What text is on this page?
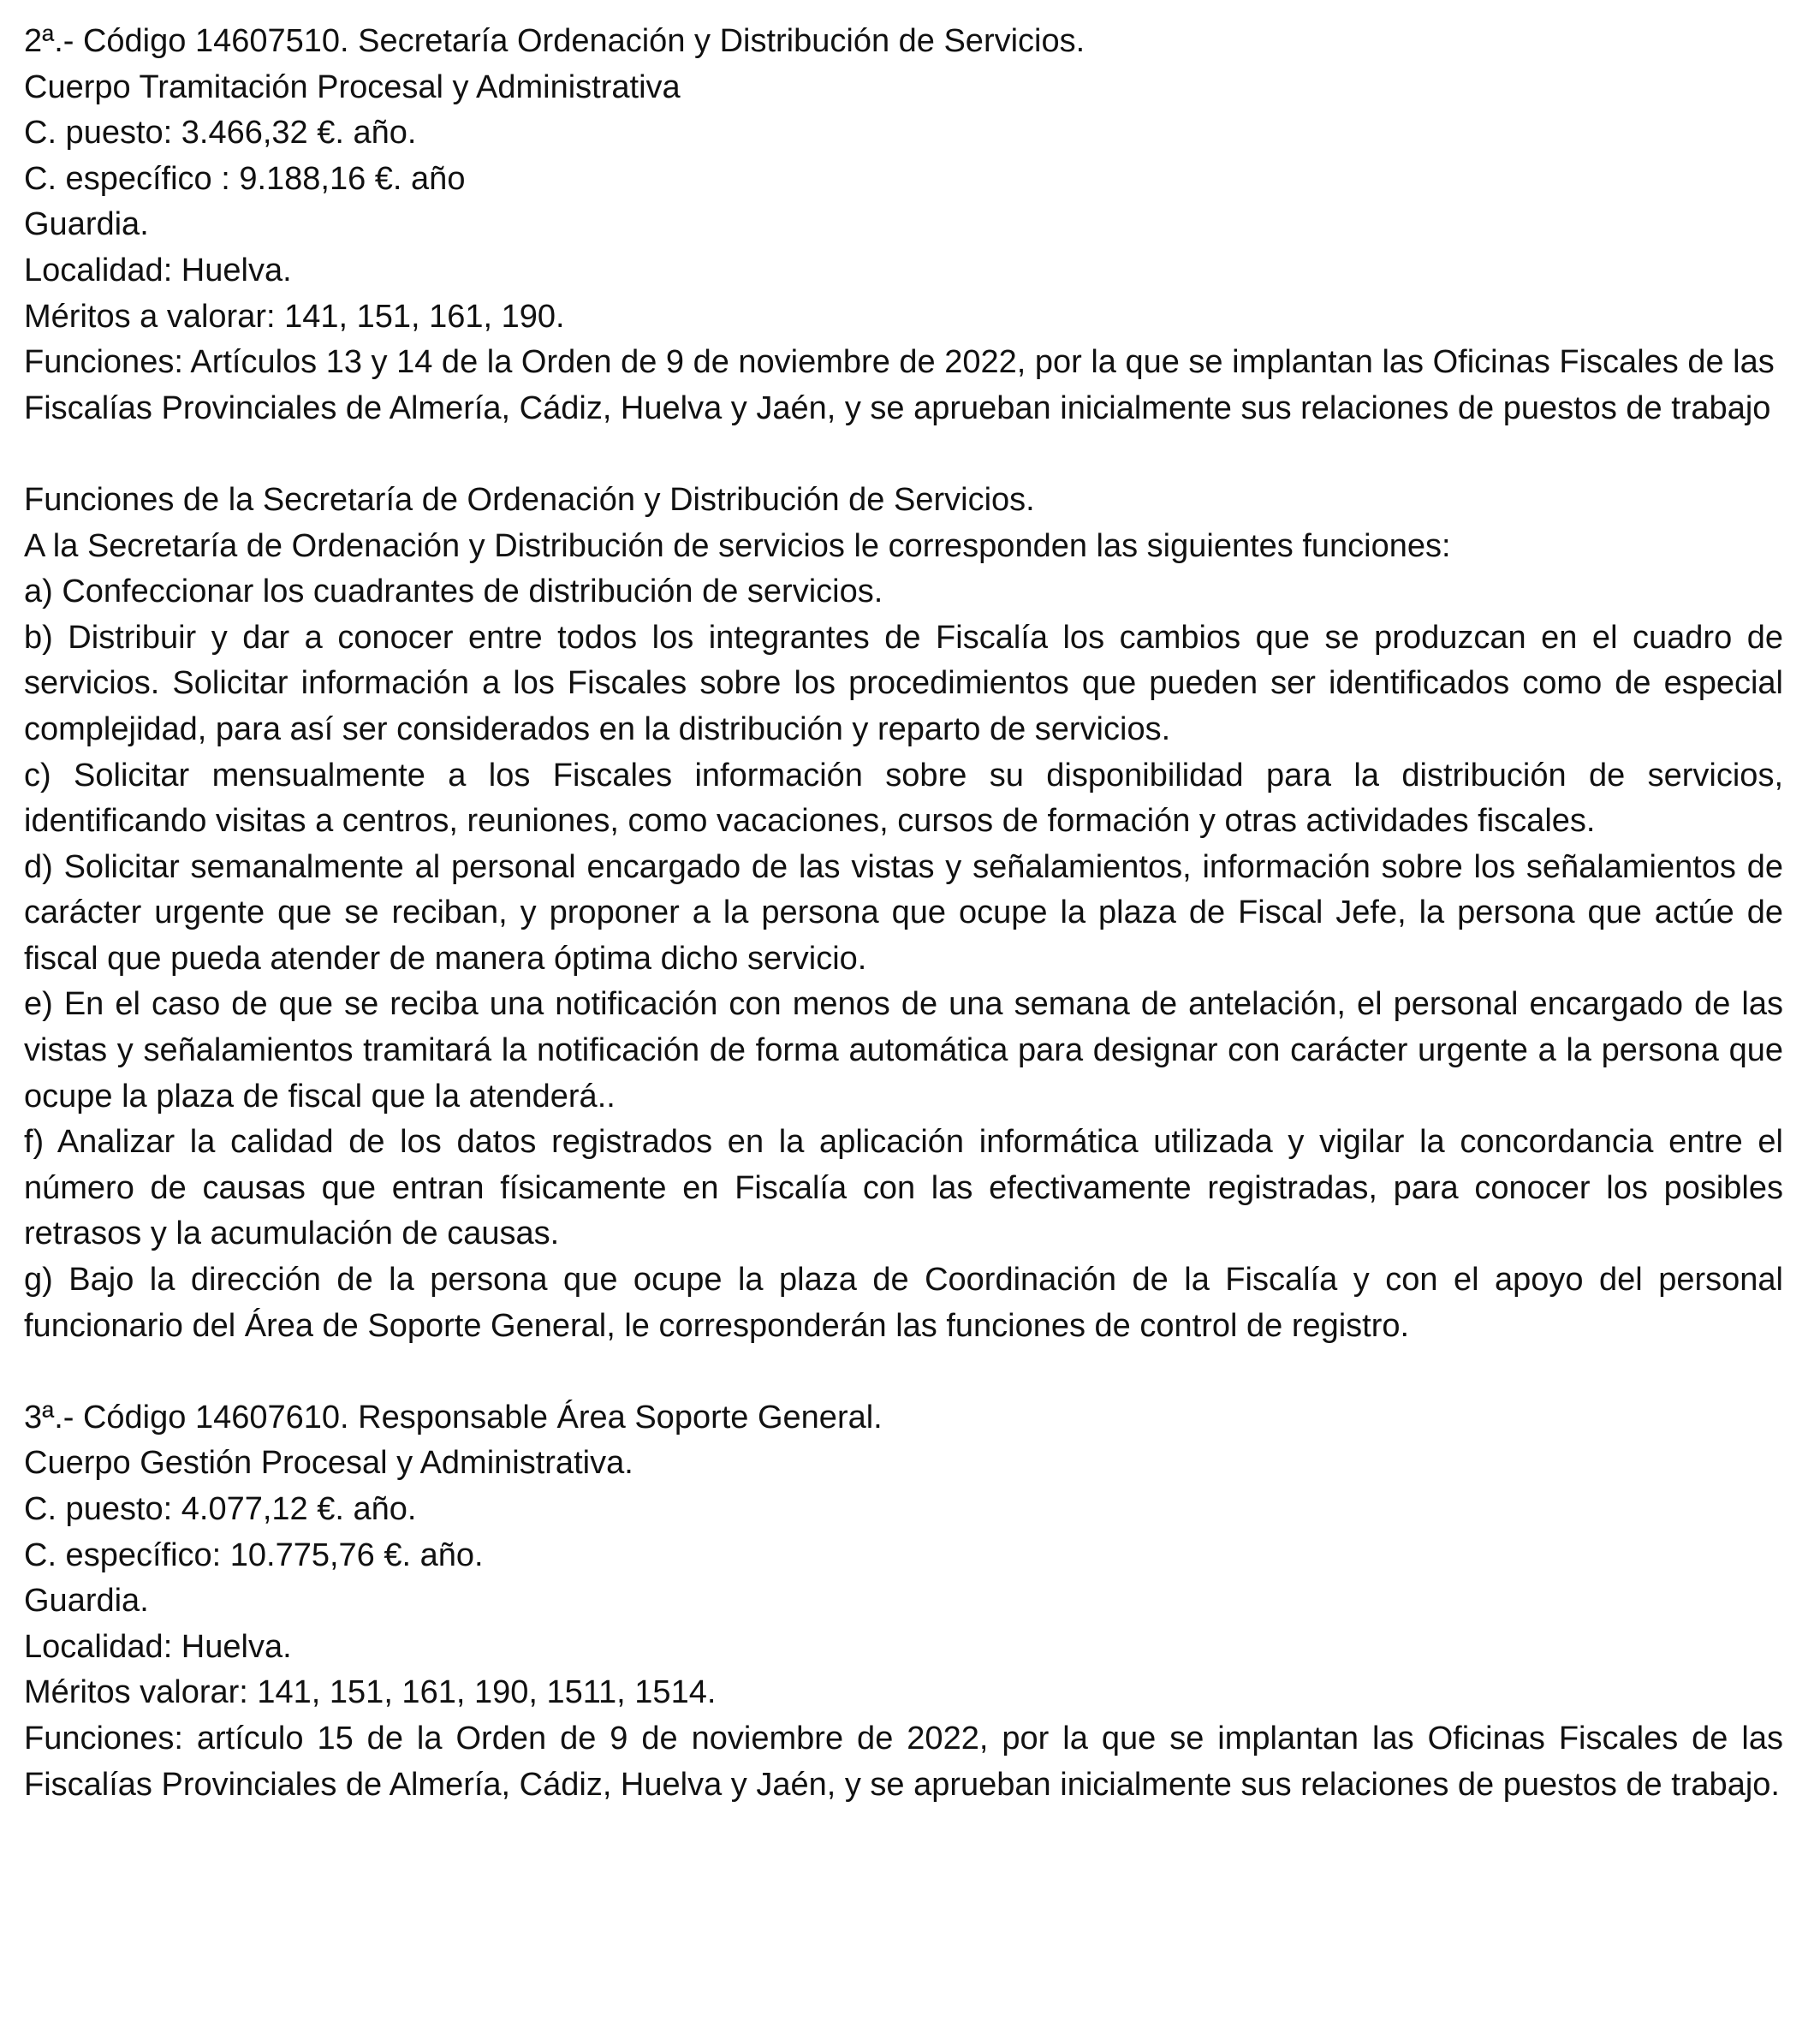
2ª.- Código 14607510. Secretaría Ordenación y Distribución de Servicios.

Cuerpo Tramitación Procesal y Administrativa

C. puesto: 3.466,32 €. año.

C. específico : 9.188,16 €. año

Guardia.

Localidad: Huelva.

Méritos a valorar: 141, 151, 161, 190.

Funciones: Artículos 13 y 14 de la Orden de 9 de noviembre de 2022, por la que se implantan las Oficinas Fiscales de las Fiscalías Provinciales de Almería, Cádiz, Huelva y Jaén, y se aprueban inicialmente sus relaciones de puestos de trabajo

Funciones de la Secretaría de Ordenación y Distribución de Servicios.

A la Secretaría de Ordenación y Distribución de servicios le corresponden las siguientes funciones:

a) Confeccionar los cuadrantes de distribución de servicios.

b) Distribuir y dar a conocer entre todos los integrantes de Fiscalía los cambios que se produzcan en el cuadro de servicios. Solicitar información a los Fiscales sobre los procedimientos que pueden ser identificados como de especial complejidad, para así ser considerados en la distribución y reparto de servicios.

c) Solicitar mensualmente a los Fiscales información sobre su disponibilidad para la distribución de servicios, identificando visitas a centros, reuniones, como vacaciones, cursos de formación y otras actividades fiscales.

d) Solicitar semanalmente al personal encargado de las vistas y señalamientos, información sobre los señalamientos de carácter urgente que se reciban, y proponer a la persona que ocupe la plaza de Fiscal Jefe, la persona que actúe de fiscal que pueda atender de manera óptima dicho servicio.

e) En el caso de que se reciba una notificación con menos de una semana de antelación, el personal encargado de las vistas y señalamientos tramitará la notificación de forma automática para designar con carácter urgente a la persona que ocupe la plaza de fiscal que la atenderá..

f) Analizar la calidad de los datos registrados en la aplicación informática utilizada y vigilar la concordancia entre el número de causas que entran físicamente en Fiscalía con las efectivamente registradas, para conocer los posibles retrasos y la acumulación de causas.

g) Bajo la dirección de la persona que ocupe la plaza de Coordinación de la Fiscalía y con el apoyo del personal funcionario del Área de Soporte General, le corresponderán las funciones de control de registro.

3ª.- Código 14607610. Responsable Área Soporte General.

Cuerpo Gestión Procesal y Administrativa.

C. puesto: 4.077,12 €. año.

C. específico: 10.775,76 €. año.

Guardia.

Localidad: Huelva.

Méritos valorar: 141, 151, 161, 190, 1511, 1514.

Funciones: artículo 15 de la Orden de 9 de noviembre de 2022, por la que se implantan las Oficinas Fiscales de las Fiscalías Provinciales de Almería, Cádiz, Huelva y Jaén, y se aprueban inicialmente sus relaciones de puestos de trabajo.
